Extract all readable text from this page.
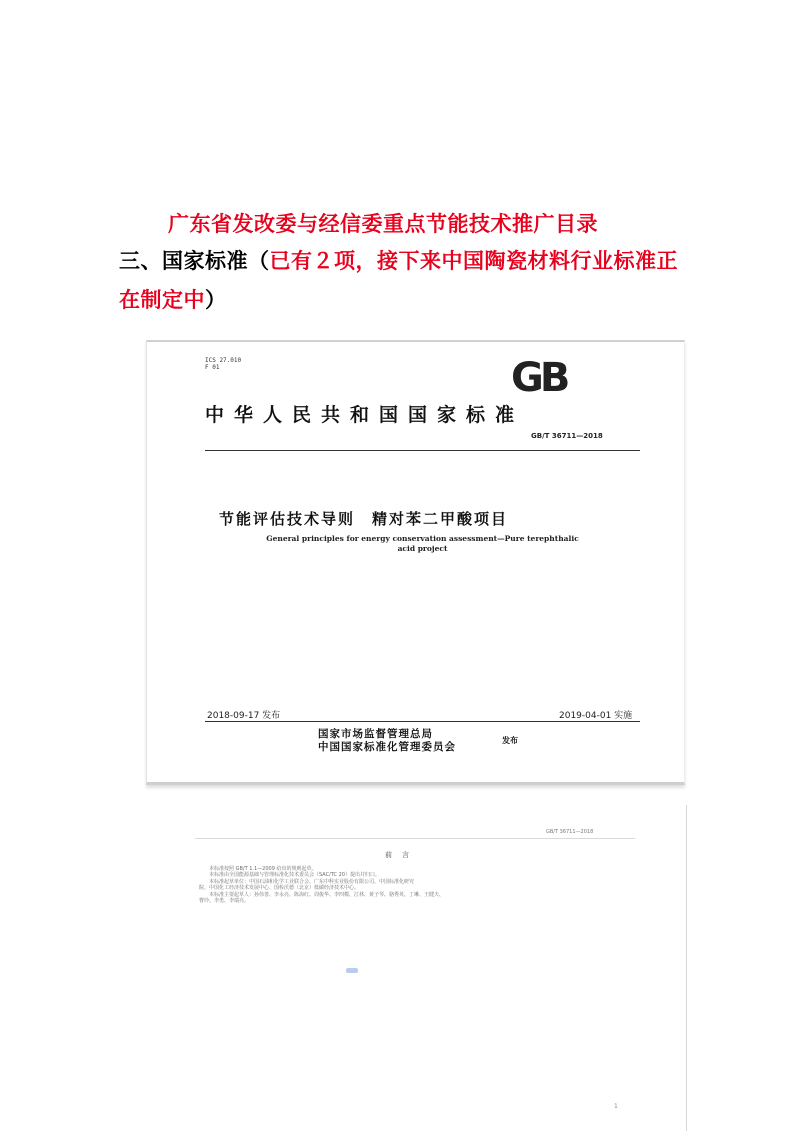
广东省发改委与经信委重点节能技术推广目录
三、国家标准（已有２项，接下来中国陶瓷材料行业标准正
在制定中）
ICS 27.010
F 01	GB
中华人民共和国国家标准
GB/T 36711—2018
节能评估技术导则　精对苯二甲酸项目
General principles for energy conservation assessment—Pure terephthalic
acid project
2018-09-17 发布	2019-04-01 实施
国家市场监督管理总局
中国国家标准化管理委员会
发布
GB/T 36711—2018
前言
本标准按照 GB/T 1.1—2009 给出的规则起草。
本标准由全国能源基础与管理标准化技术委员会（SAC/TC 20）提出并归口。
本标准起草单位：中国石油和化学工业联合会、广东中科实业股份有限公司、中国标准化研究
院、中国化工经济技术发展中心、国检沃德（北京）低碳经济技术中心。
本标准主要起草人：孙伟善、李永亮、陈海红、周俊华、李四模、江林、黄子琴、骆秀英、丁琳、王健夫、
曹玲、李勇、李瑞亮。
1
